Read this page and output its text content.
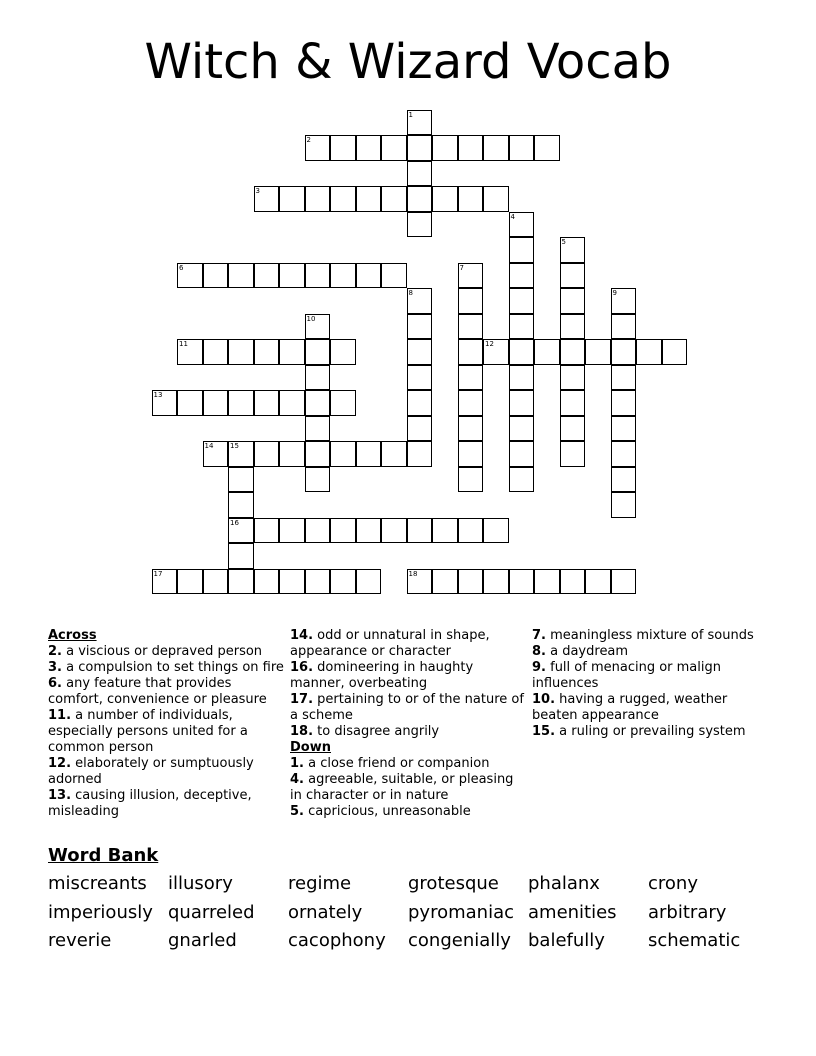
Witch & Wizard Vocab
2
3
6
11	12
13
14 15
16
17	18
1
4
5
7
8	9
10
Across
2. a viscious or depraved person
3. a compulsion to set things on fire
6. any feature that provides comfort, convenience or pleasure
11. a number of individuals, especially persons united for a common person
12. elaborately or sumptuously adorned
13. causing illusion, deceptive, misleading
14. odd or unnatural in shape, appearance or character
16. domineering in haughty manner, overbeating
17. pertaining to or of the nature of a scheme
18. to disagree angrily
Down
1. a close friend or companion
4. agreeable, suitable, or pleasing in character or in nature
5. capricious, unreasonable
7. meaningless mixture of sounds
8. a daydream
9. full of menacing or malign influences
10. having a rugged, weather beaten appearance
15. a ruling or prevailing system
Word Bank
miscreants illusory	regime	grotesque phalanx	crony
imperiously quarreled ornately	pyromaniac amenities arbitrary
reverie	gnarled	cacophony congenially balefully schematic
